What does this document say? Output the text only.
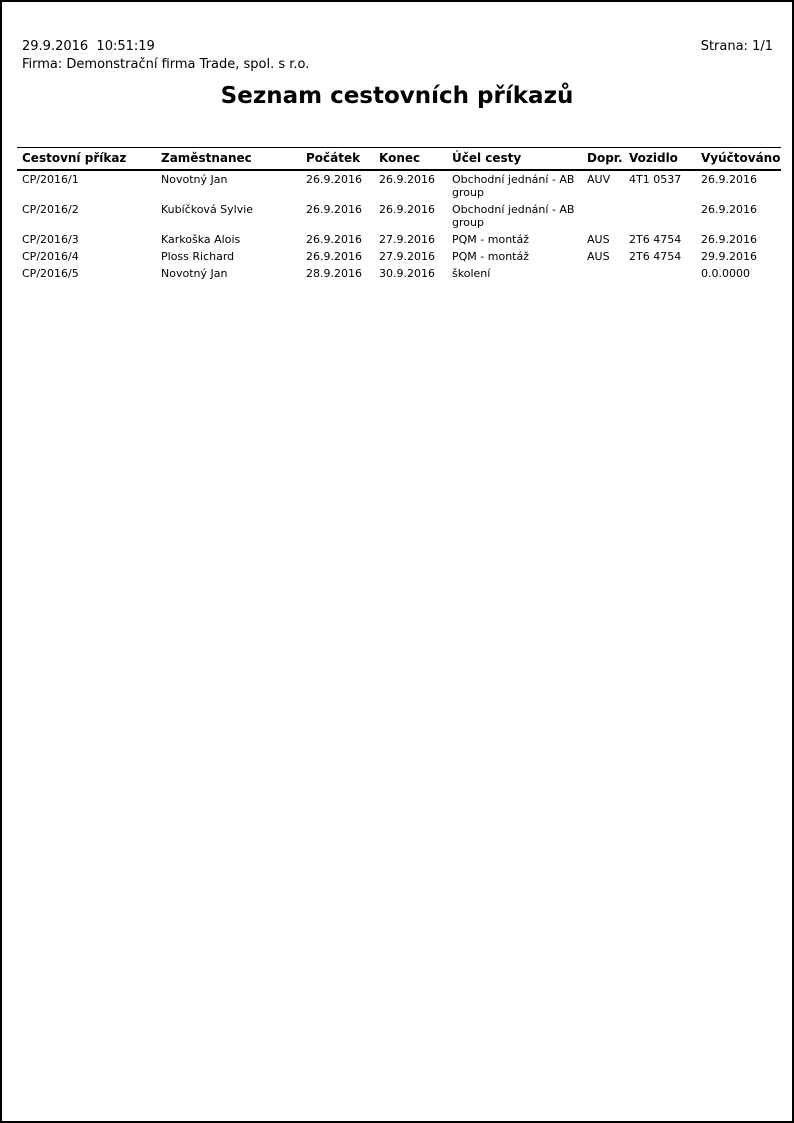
29.9.2016  10:51:19
Firma: Demonstrační firma Trade, spol. s r.o.
Strana: 1/1
Seznam cestovních příkazů
Cestovní příkaz	Zaměstnanec	Počátek	Konec	Účel cesty	Dopr.	Vozidlo	Vyúčtováno
CP/2016/1	Novotný Jan	26.9.2016	26.9.2016	Obchodní jednání - AB group	AUV	4T1 0537	26.9.2016
CP/2016/2	Kubíčková Sylvie	26.9.2016	26.9.2016	Obchodní jednání - AB group			26.9.2016
CP/2016/3	Karkoška Alois	26.9.2016	27.9.2016	PQM - montáž	AUS	2T6 4754	26.9.2016
CP/2016/4	Ploss Richard	26.9.2016	27.9.2016	PQM - montáž	AUS	2T6 4754	29.9.2016
CP/2016/5	Novotný Jan	28.9.2016	30.9.2016	školení			0.0.0000
